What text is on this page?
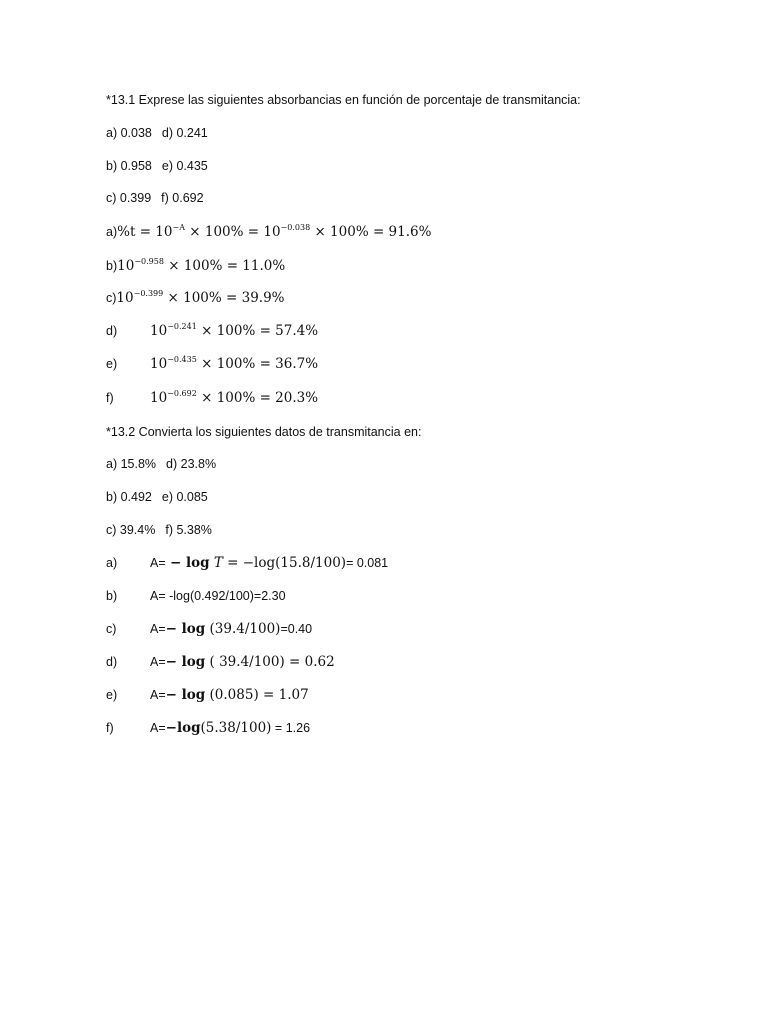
*13.1 Exprese las siguientes absorbancias en función de porcentaje de transmitancia:
a) 0.038 d) 0.241
b) 0.958 e) 0.435
c) 0.399 f) 0.692
$a)\%t = 10^{-A} \times 100\% = 10^{-0.038} \times 100\% = 91.6\%$
$b)10^{-0.958} \times 100\% = 11.0\%$
$c)10^{-0.399} \times 100\% = 39.9\%$
d) $10^{-0.241} \times 100\% = 57.4\%$
e) $10^{-0.435} \times 100\% = 36.7\%$
f)	$10^{-0.692} \times 100\% = 20.3\%$
*13.2 Convierta los siguientes datos de transmitancia en:
a) 15.8% d) 23.8%
b) 0.492 e) 0.085
c) 39.4% f) 5.38%
a)	A= − log T = −log(15.8/100)= 0.081
b)	A= -log(0.492/100)=2.30
c)	A=− log (39.4/100)=0.40
d)	A=− log ( 39.4/100) = 0.62
e)	A=− log (0.085) = 1.07
f)	A=−log(5.38/100) = 1.26
